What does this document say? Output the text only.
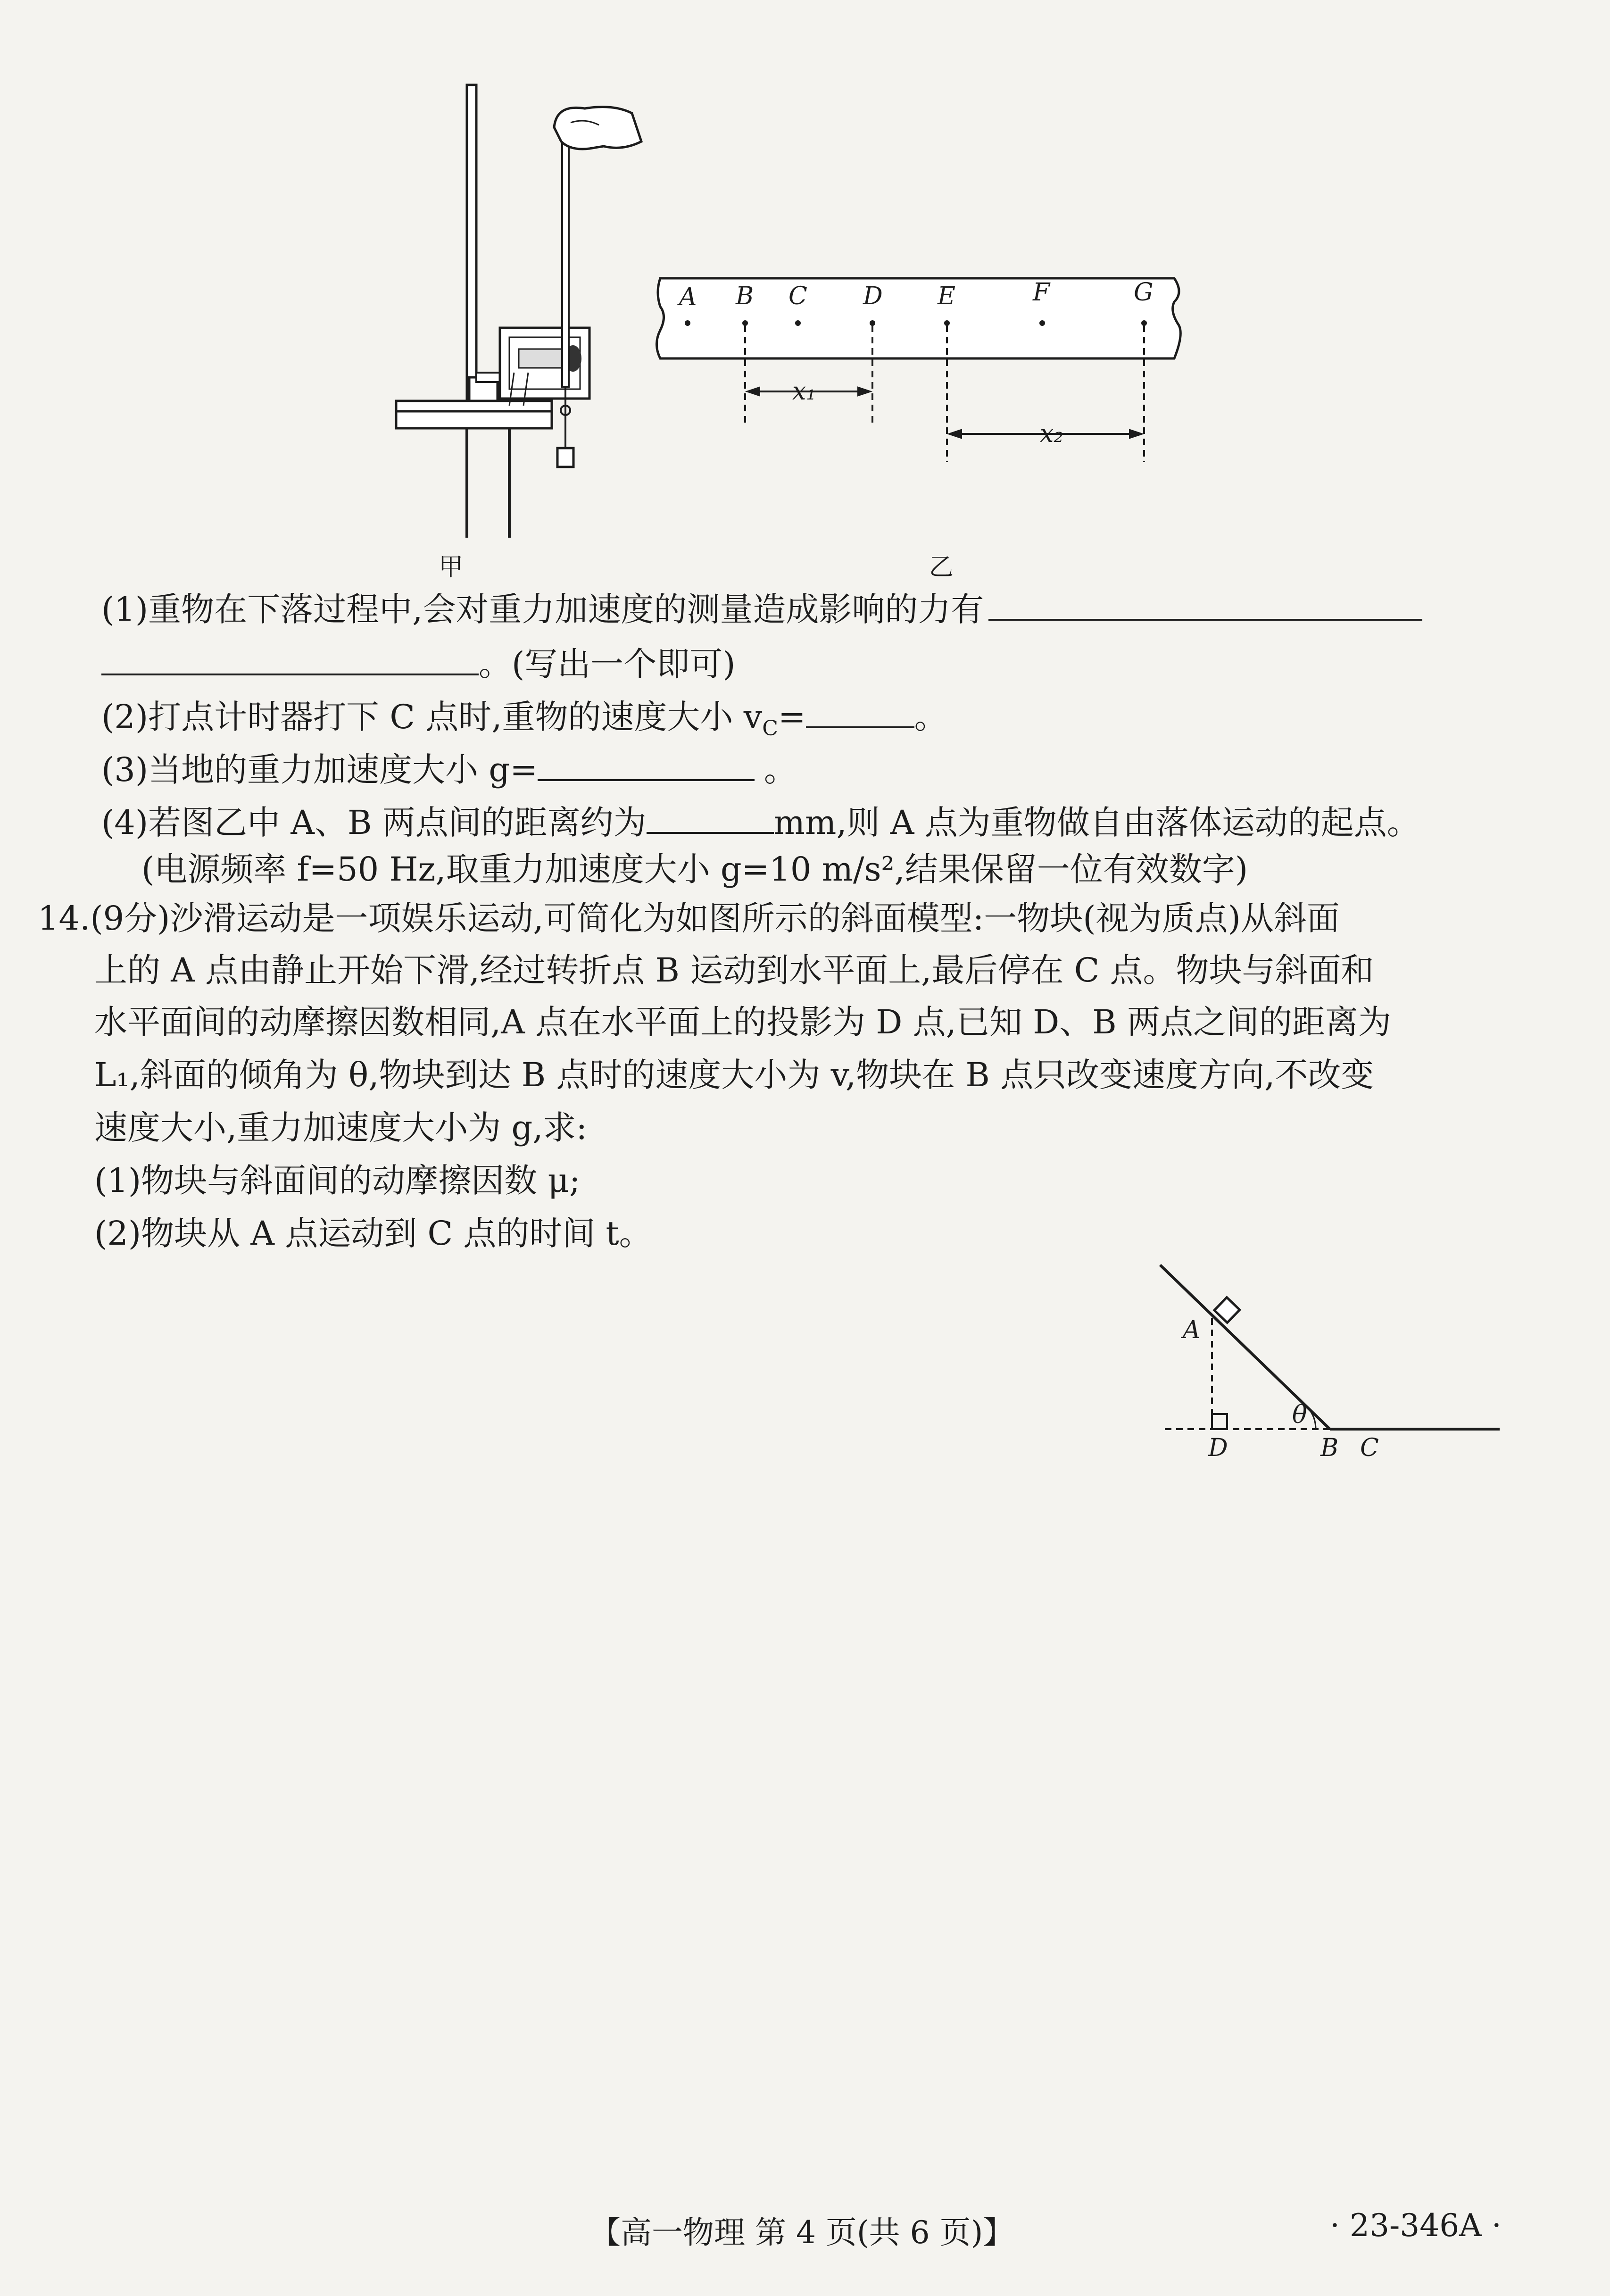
甲
A B C D E	F	G
x₁
x₂
乙
(1)重物在下落过程中,会对重力加速度的测量造成影响的力有
。(写出一个即可)
(2)打点计时器打下 C 点时,重物的速度大小 $v_C=$	。
(3)当地的重力加速度大小 g=	。
(4)若图乙中 A、B 两点间的距离约为	mm,则 A 点为重物做自由落体运动的起点。
(电源频率 f=50 Hz,取重力加速度大小 g=10 m/s²,结果保留一位有效数字)
14.(9分)沙滑运动是一项娱乐运动,可简化为如图所示的斜面模型:一物块(视为质点)从斜面
上的 A 点由静止开始下滑,经过转折点 B 运动到水平面上,最后停在 C 点。物块与斜面和
水平面间的动摩擦因数相同,A 点在水平面上的投影为 D 点,已知 D、B 两点之间的距离为
L₁,斜面的倾角为 θ,物块到达 B 点时的速度大小为 v,物块在 B 点只改变速度方向,不改变
速度大小,重力加速度大小为 g,求:
(1)物块与斜面间的动摩擦因数 μ;
(2)物块从 A 点运动到 C 点的时间 t。
A
θ
D	B C
【高一物理 第 4 页(共 6 页)】	· 23-346A ·
